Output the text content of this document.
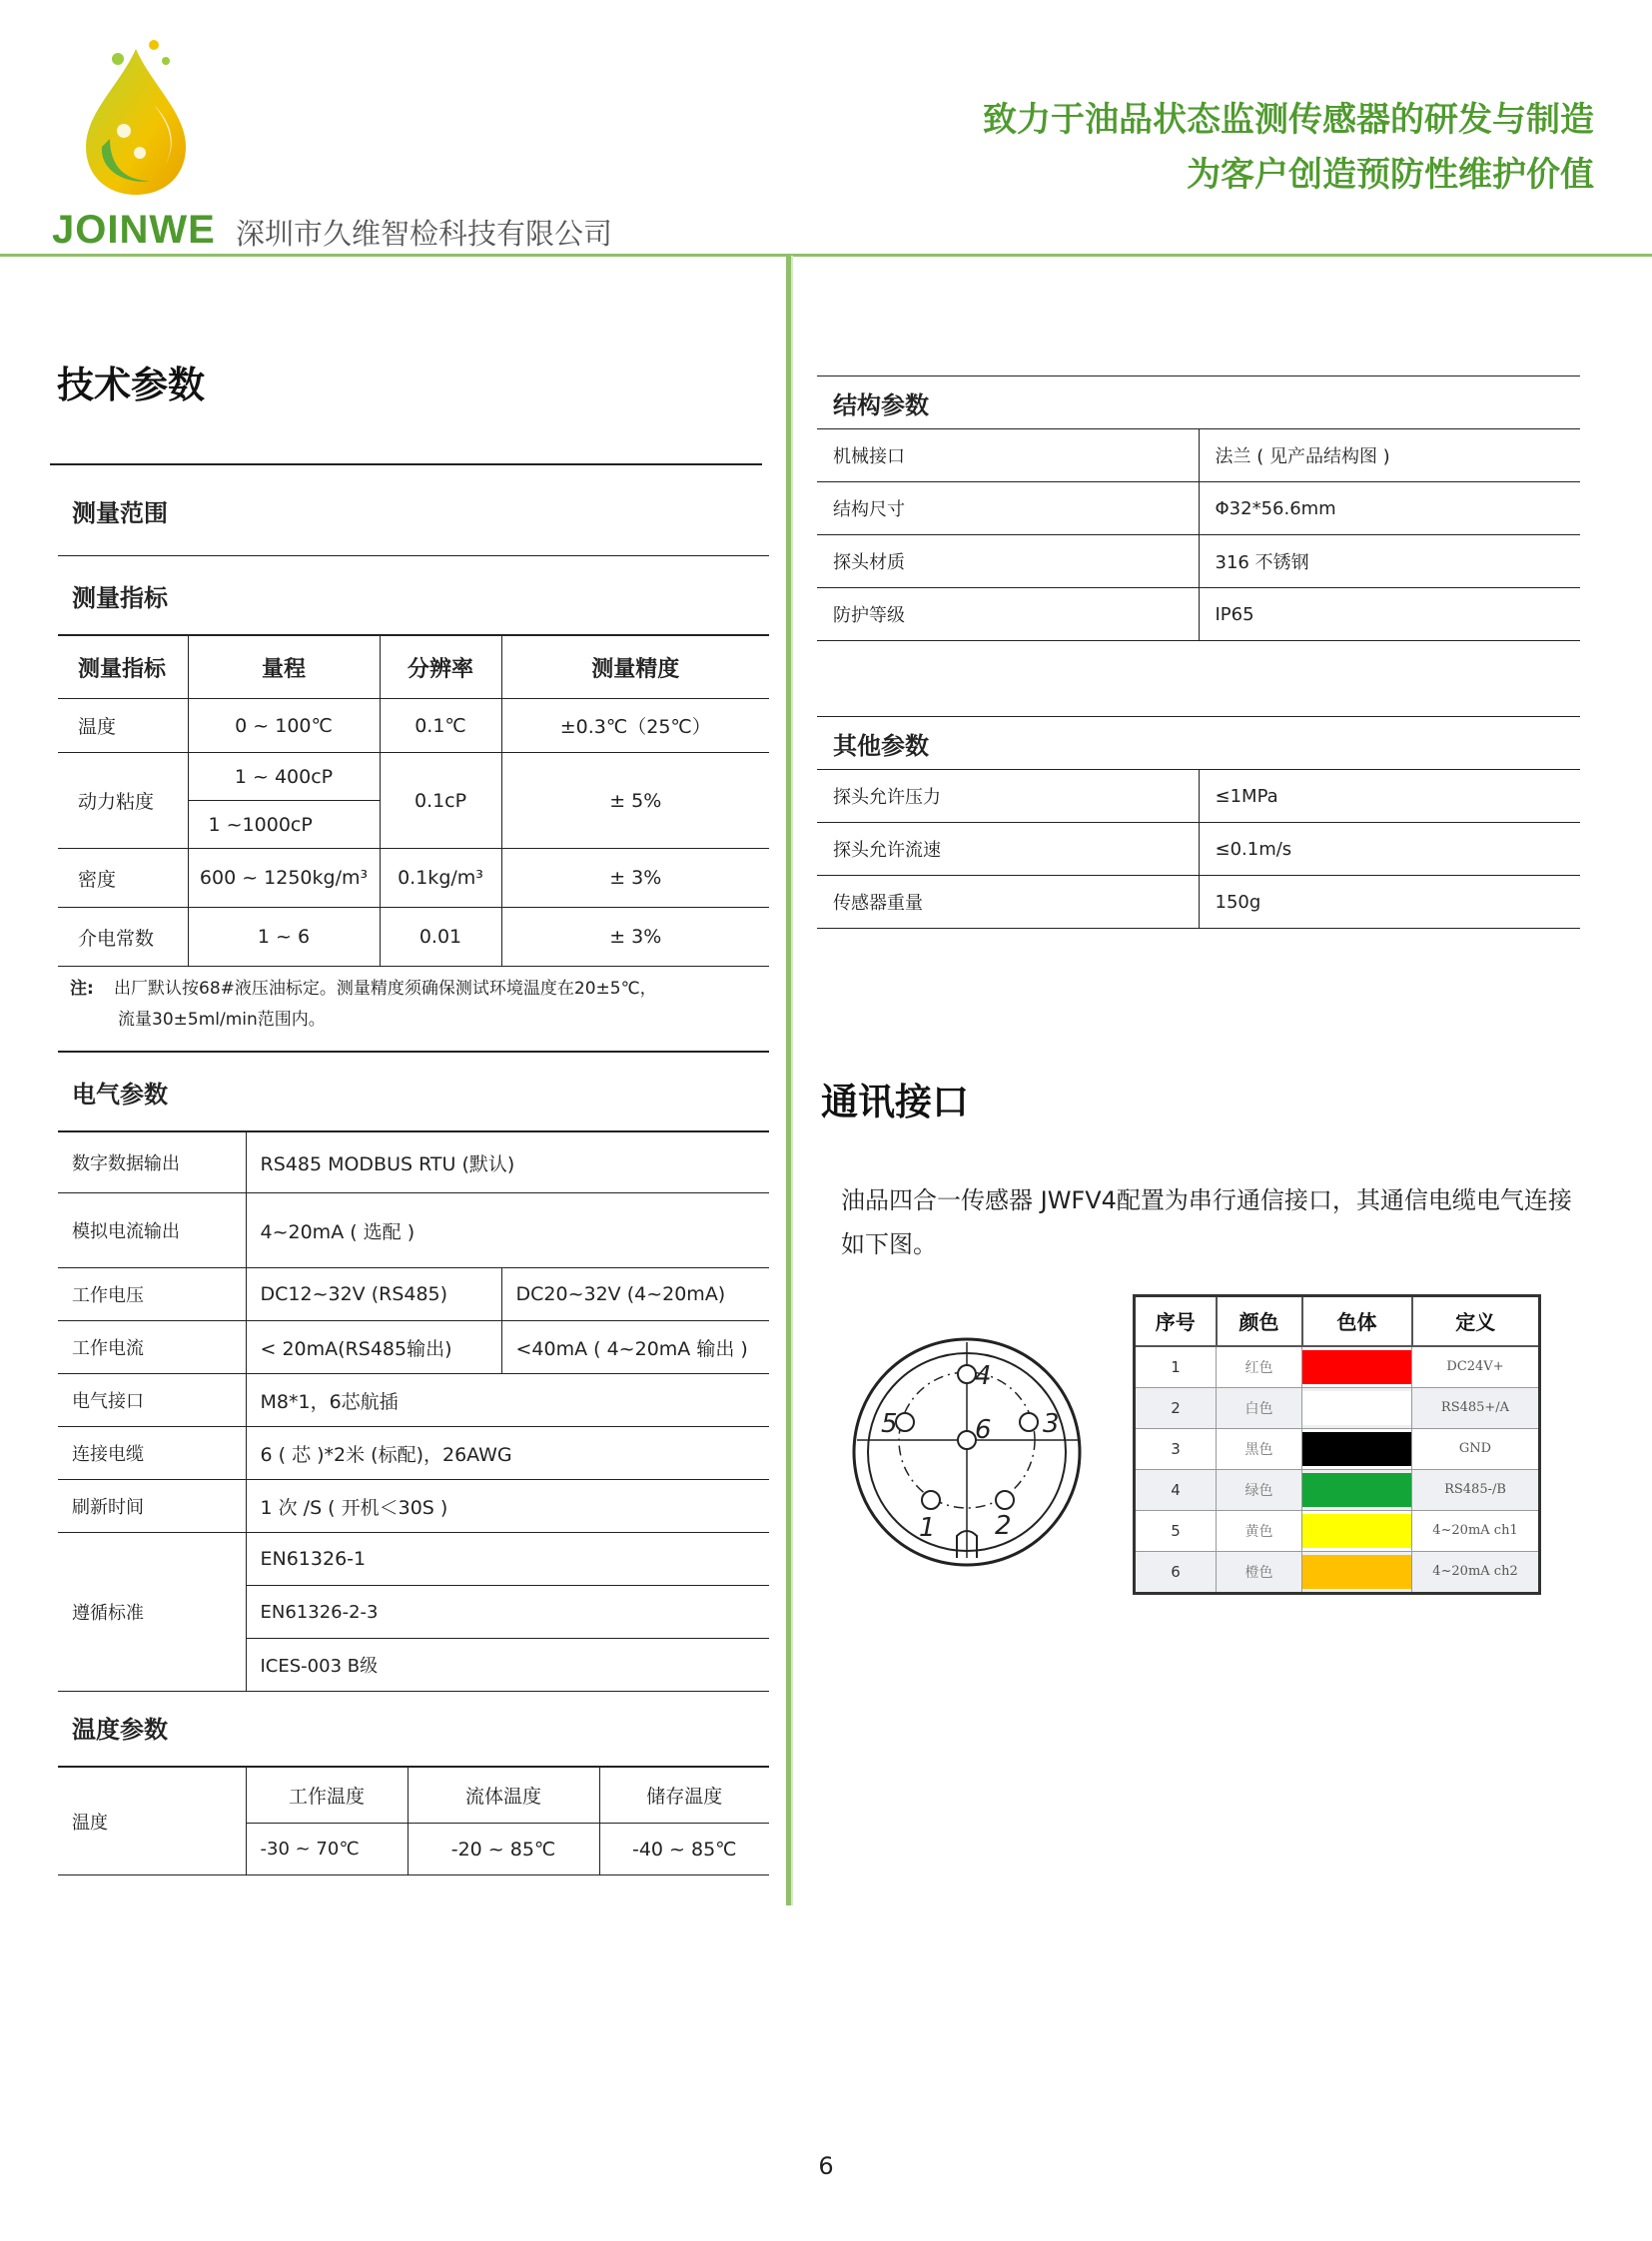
JOINWE 深圳市久维智检科技有限公司
致力于油品状态监测传感器的研发与制造
为客户创造预防性维护价值
技术参数
测量范围
测量指标
测量指标	量程	分辨率	测量精度
温度	0 ~ 100℃	0.1℃	±0.3℃（25℃）
动力粘度	1 ~ 400cP	0.1cP	± 5%
	1 ~1000cP		
密度	600 ~ 1250kg/m³	0.1kg/m³	± 3%
介电常数	1 ~ 6	0.01	± 3%
注: 出厂默认按68#液压油标定。测量精度须确保测试环境温度在20±5℃，
流量30±5ml/min范围内。
电气参数
数字数据输出	RS485 MODBUS RTU (默认)	
模拟电流输出	4~20mA ( 选配 )	
工作电压	DC12~32V (RS485)	DC20~32V (4~20mA)
工作电流	< 20mA(RS485输出)	<40mA ( 4~20mA 输出 )
电气接口	M8*1，6芯航插	
连接电缆	6 ( 芯 )*2米 (标配)，26AWG	
刷新时间	1 次 /S ( 开机＜30S )	
遵循标准	EN61326-1	
	EN61326-2-3	
	ICES-003 B级	
温度参数
温度	工作温度	流体温度	储存温度
	-30 ~ 70℃	-20 ~ 85℃	-40 ~ 85℃
结构参数	
机械接口	法兰 ( 见产品结构图 )
结构尺寸	Φ32*56.6mm
探头材质	316 不锈钢
防护等级	IP65
其他参数	
探头允许压力	≤1MPa
探头允许流速	≤0.1m/s
传感器重量	150g
通讯接口
油品四合一传感器 JWFV4配置为串行通信接口，其通信电缆电气连接如下图。
4
5	3
6
1 2
序号	颜色	色体	定义
1	红色		DC24V+
2	白色		RS485+/A
3	黑色		GND
4	绿色		RS485-/B
5	黄色		4~20mA ch1
6	橙色		4~20mA ch2
6
